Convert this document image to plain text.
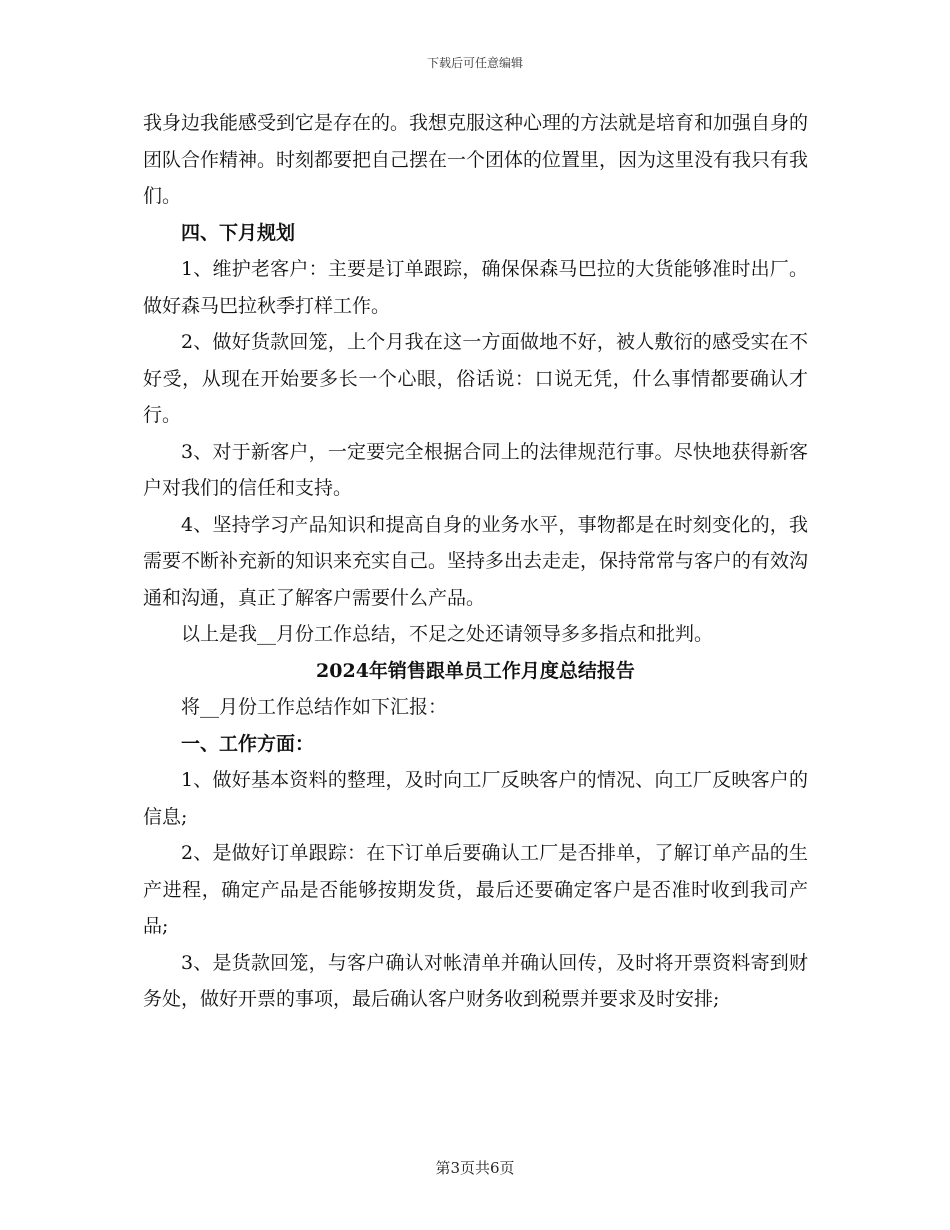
下载后可任意编辑

我身边我能感受到它是存在的。我想克服这种心理的方法就是培育和加强自身的团队合作精神。时刻都要把自己摆在一个团体的位置里，因为这里没有我只有我们。

四、下月规划

1、维护老客户：主要是订单跟踪，确保保森马巴拉的大货能够准时出厂。做好森马巴拉秋季打样工作。

2、做好货款回笼，上个月我在这一方面做地不好，被人敷衍的感受实在不好受，从现在开始要多长一个心眼，俗话说：口说无凭，什么事情都要确认才行。

3、对于新客户，一定要完全根据合同上的法律规范行事。尽快地获得新客户对我们的信任和支持。

4、坚持学习产品知识和提高自身的业务水平，事物都是在时刻变化的，我需要不断补充新的知识来充实自己。坚持多出去走走，保持常常与客户的有效沟通和沟通，真正了解客户需要什么产品。

以上是我__月份工作总结，不足之处还请领导多多指点和批判。

2024年销售跟单员工作月度总结报告

将__月份工作总结作如下汇报：

一、工作方面：

1、做好基本资料的整理，及时向工厂反映客户的情况、向工厂反映客户的信息;

2、是做好订单跟踪：在下订单后要确认工厂是否排单，了解订单产品的生产进程，确定产品是否能够按期发货，最后还要确定客户是否准时收到我司产品;

3、是货款回笼，与客户确认对帐清单并确认回传，及时将开票资料寄到财务处，做好开票的事项，最后确认客户财务收到税票并要求及时安排;

第3页共6页
